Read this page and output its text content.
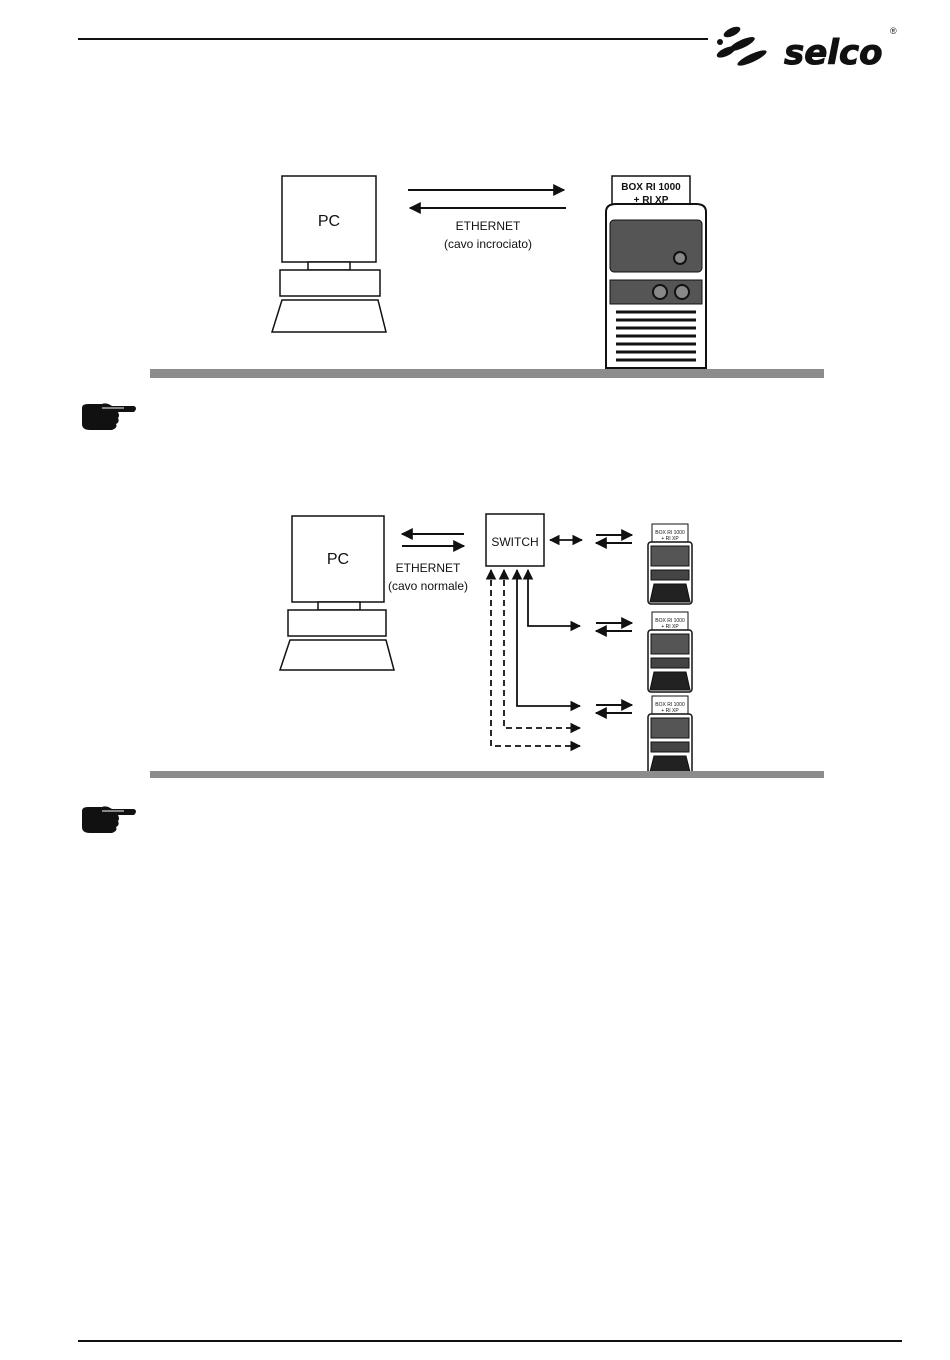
selco
®
PC	ETHERNET
(cavo incrociato)
BOX RI 1000
+ RI XP
PC	ETHERNET
(cavo normale)
SWITCH
BOX RI 1000
+ RI XP
BOX RI 1000
+ RI XP
BOX RI 1000
+ RI XP
